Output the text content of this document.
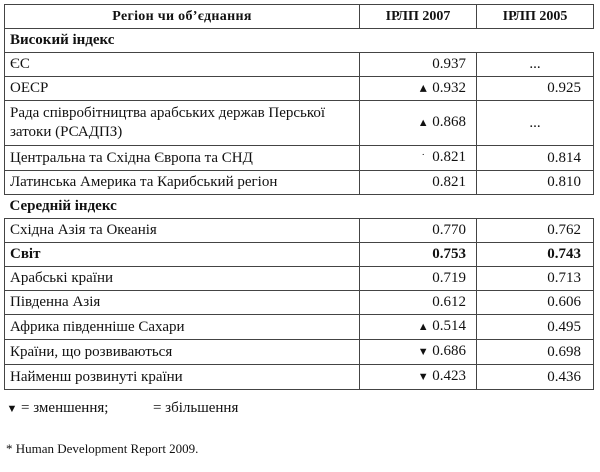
Регіон чи об’єднання	ІРЛП 2007	ІРЛП 2005
Високий індекс		
ЄС	0.937	...
ОЕСР	▴ 0.932	0.925
Рада співробітництва арабських держав Перської затоки (РСАДПЗ)	▲ 0.868	...
Центральна та Східна Європа та СНД	˙ 0.821	0.814
Латинська Америка та Карибський регіон	0.821	0.810
Середній індекс		
Східна Азія та Океанія	0.770	0.762
Світ	0.753	0.743
Арабські країни	0.719	0.713
Південна Азія	0.612	0.606
Африка південніше Сахари	▲ 0.514	0.495
Країни, що розвиваються	▼ 0.686	0.698
Найменш розвинуті країни	▼ 0.423	0.436
▼ = зменшення;	= збільшення
* Human Development Report 2009.
